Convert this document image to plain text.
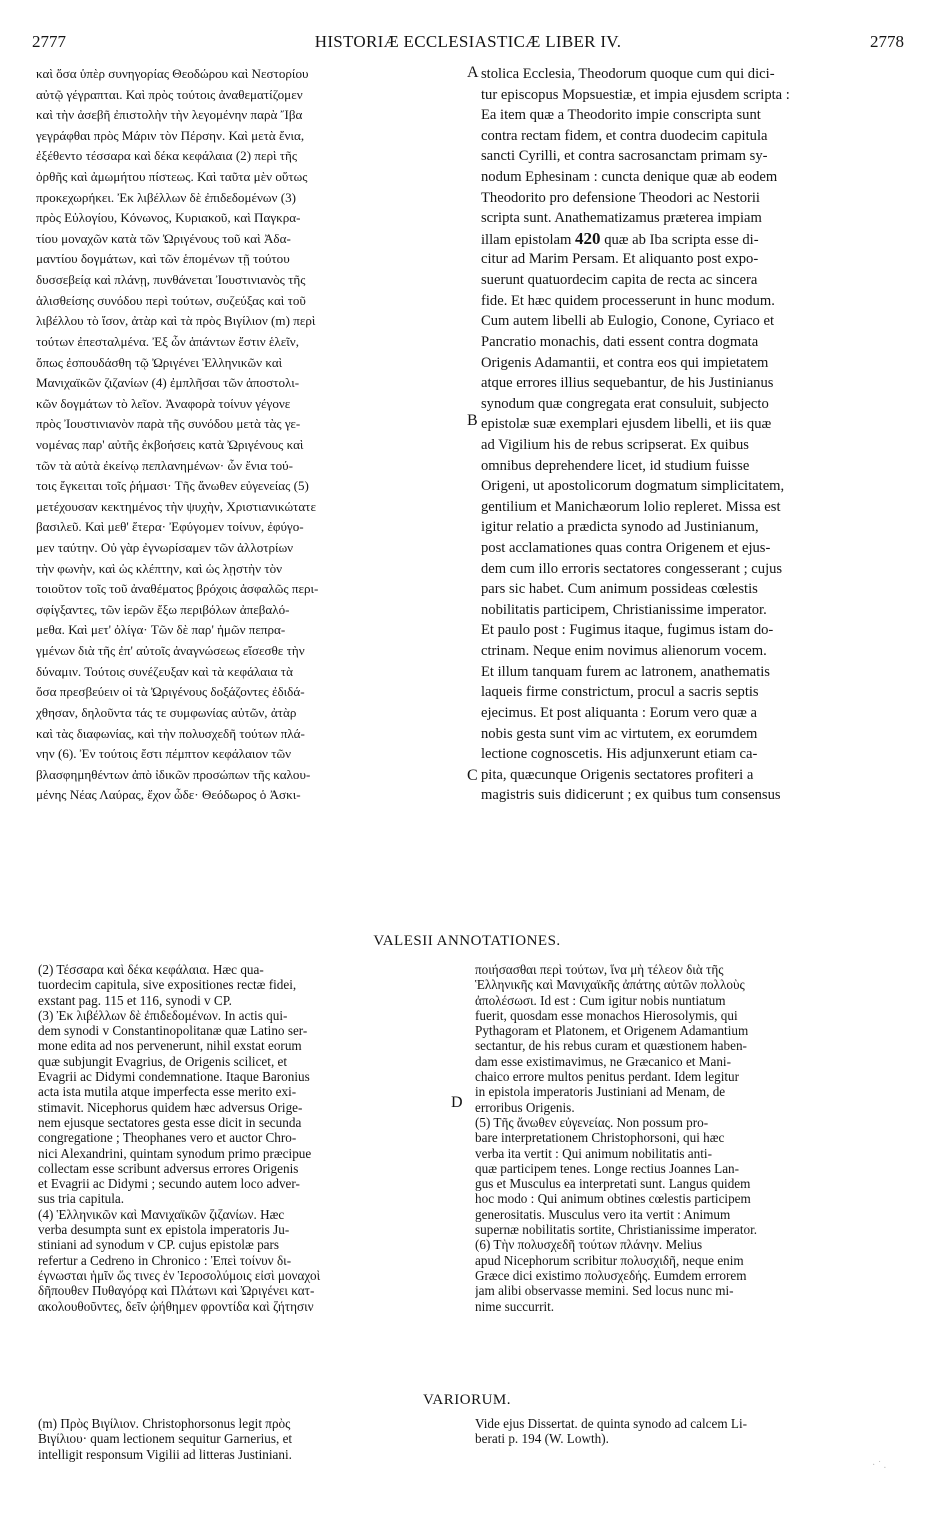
2777	HISTORIÆ ECCLESIASTICÆ LIBER IV.	2778
καὶ ὅσα ὑπὲρ συνηγορίας Θεοδώρου καὶ Νεστορίου
αὐτῷ γέγραπται. Καὶ πρὸς τούτοις ἀναθεματίζομεν
καὶ τὴν ἀσεβῆ ἐπιστολὴν τὴν λεγομένην παρὰ Ἴβα
γεγράφθαι πρὸς Μάριν τὸν Πέρσην. Καὶ μετὰ ἔνια,
ἐξέθεντο τέσσαρα καὶ δέκα κεφάλαια (2) περὶ τῆς
ὀρθῆς καὶ ἀμωμήτου πίστεως. Καὶ ταῦτα μὲν οὕτως
προκεχωρήκει. Ἐκ λιβέλλων δὲ ἐπιδεδομένων (3)
πρὸς Εὐλογίου, Κόνωνος, Κυριακοῦ, καὶ Παγκρα-
τίου μοναχῶν κατὰ τῶν Ὠριγένους τοῦ καὶ Ἀδα-
μαντίου δογμάτων, καὶ τῶν ἑπομένων τῇ τούτου
δυσσεβείᾳ καὶ πλάνῃ, πυνθάνεται Ἰουστινιανὸς τῆς
ἁλισθείσης συνόδου περὶ τούτων, συζεύξας καὶ τοῦ
λιβέλλου τὸ ἴσον, ἀτὰρ καὶ τὰ πρὸς Βιγίλιον (m) περὶ
τούτων ἐπεσταλμένα. Ἐξ ὧν ἁπάντων ἔστιν ἑλεῖν,
ὅπως ἐσπουδάσθη τῷ Ὠριγένει Ἑλληνικῶν καὶ
Μανιχαϊκῶν ζιζανίων (4) ἐμπλῆσαι τῶν ἀποστολι-
κῶν δογμάτων τὸ λεῖον. Ἀναφορὰ τοίνυν γέγονε
πρὸς Ἰουστινιανὸν παρὰ τῆς συνόδου μετὰ τὰς γε-
νομένας παρ' αὐτῆς ἐκβοήσεις κατὰ Ὠριγένους καὶ
τῶν τὰ αὐτὰ ἐκείνῳ πεπλανημένων· ὧν ἔνια τού-
τοις ἔγκειται τοῖς ῥήμασι· Τῆς ἄνωθεν εὐγενείας (5)
μετέχουσαν κεκτημένος τὴν ψυχὴν, Χριστιανικώτατε
βασιλεῦ. Καὶ μεθ' ἕτερα· Ἐφύγομεν τοίνυν, ἐφύγο-
μεν ταύτην. Οὐ γὰρ ἐγνωρίσαμεν τῶν ἀλλοτρίων
τὴν φωνὴν, καὶ ὡς κλέπτην, καὶ ὡς λῃστὴν τὸν
τοιοῦτον τοῖς τοῦ ἀναθέματος βρόχοις ἀσφαλῶς περι-
σφίγξαντες, τῶν ἱερῶν ἔξω περιβόλων ἀπεβαλό-
μεθα. Καὶ μετ' ὀλίγα· Τῶν δὲ παρ' ἡμῶν πεπρα-
γμένων διὰ τῆς ἐπ' αὐτοῖς ἀναγνώσεως εἴσεσθε τὴν
δύναμιν. Τούτοις συνέζευξαν καὶ τὰ κεφάλαια τὰ
ὅσα πρεσβεύειν οἱ τὰ Ὠριγένους δοξάζοντες ἐδιδά-
χθησαν, δηλοῦντα τάς τε συμφωνίας αὐτῶν, ἀτὰρ
καὶ τὰς διαφωνίας, καὶ τὴν πολυσχεδῆ τούτων πλά-
νην (6). Ἐν τούτοις ἔστι πέμπτον κεφάλαιον τῶν
βλασφημηθέντων ἀπὸ ἰδικῶν προσώπων τῆς καλου-
μένης Νέας Λαύρας, ἔχον ὧδε· Θεόδωρος ὁ Ἀσκι-
stolica Ecclesia, Theodorum quoque cum qui dici-
tur episcopus Mopsuestiæ, et impia ejusdem scripta :
Ea item quæ a Theodorito impie conscripta sunt
contra rectam fidem, et contra duodecim capitula
sancti Cyrilli, et contra sacrosanctam primam sy-
nodum Ephesinam : cuncta denique quæ ab eodem
Theodorito pro defensione Theodori ac Nestorii
scripta sunt. Anathematizamus præterea impiam
illam epistolam 420 quæ ab Iba scripta esse di-
citur ad Marim Persam. Et aliquanto post expo-
suerunt quatuordecim capita de recta ac sincera
fide. Et hæc quidem processerunt in hunc modum.
Cum autem libelli ab Eulogio, Conone, Cyriaco et
Pancratio monachis, dati essent contra dogmata
Origenis Adamantii, et contra eos qui impietatem
atque errores illius sequebantur, de his Justinianus
synodum quæ congregata erat consuluit, subjecto
epistolæ suæ exemplari ejusdem libelli, et iis quæ
ad Vigilium his de rebus scripserat. Ex quibus
omnibus deprehendere licet, id studium fuisse
Origeni, ut apostolicorum dogmatum simplicitatem,
gentilium et Manichæorum lolio repleret. Missa est
igitur relatio a prædicta synodo ad Justinianum,
post acclamationes quas contra Origenem et ejus-
dem cum illo erroris sectatores congesserant ; cujus
pars sic habet. Cum animum possideas cœlestis
nobilitatis participem, Christianissime imperator.
Et paulo post : Fugimus itaque, fugimus istam do-
ctrinam. Neque enim novimus alienorum vocem.
Et illum tanquam furem ac latronem, anathematis
laqueis firme constrictum, procul a sacris septis
ejecimus. Et post aliquanta : Eorum vero quæ a
nobis gesta sunt vim ac virtutem, ex eorumdem
lectione cognoscetis. His adjunxerunt etiam ca-
pita, quæcunque Origenis sectatores profiteri a
magistris suis didicerunt ; ex quibus tum consensus
A
B
C
D
VALESII ANNOTATIONES.
(2) Τέσσαρα καὶ δέκα κεφάλαια. Hæc qua-
tuordecim capitula, sive expositiones rectæ fidei,
exstant pag. 115 et 116, synodi v CP.
(3) Ἐκ λιβέλλων δὲ ἐπιδεδομένων. In actis qui-
dem synodi v Constantinopolitanæ quæ Latino ser-
mone edita ad nos pervenerunt, nihil exstat eorum
quæ subjungit Evagrius, de Origenis scilicet, et
Evagrii ac Didymi condemnatione. Itaque Baronius
acta ista mutila atque imperfecta esse merito exi-
stimavit. Nicephorus quidem hæc adversus Orige-
nem ejusque sectatores gesta esse dicit in secunda
congregatione ; Theophanes vero et auctor Chro-
nici Alexandrini, quintam synodum primo præcipue
collectam esse scribunt adversus errores Origenis
et Evagrii ac Didymi ; secundo autem loco adver-
sus tria capitula.
(4) Ἑλληνικῶν καὶ Μανιχαϊκῶν ζιζανίων. Hæc
verba desumpta sunt ex epistola imperatoris Ju-
stiniani ad synodum v CP. cujus epistolæ pars
refertur a Cedreno in Chronico : Ἐπεὶ τοίνυν δι-
έγνωσται ἡμῖν ὥς τινες ἐν Ἱεροσολύμοις εἰσὶ μοναχοὶ
δῆπουθεν Πυθαγόρᾳ καὶ Πλάτωνι καὶ Ὠριγένει κατ-
ακολουθοῦντες, δεῖν ᾠήθημεν φροντίδα καὶ ζήτησιν
ποιήσασθαι περὶ τούτων, ἵνα μὴ τέλεον διὰ τῆς
Ἑλληνικῆς καὶ Μανιχαϊκῆς ἀπάτης αὐτῶν πολλοὺς
ἀπολέσωσι. Id est : Cum igitur nobis nuntiatum
fuerit, quosdam esse monachos Hierosolymis, qui
Pythagoram et Platonem, et Origenem Adamantium
sectantur, de his rebus curam et quæstionem haben-
dam esse existimavimus, ne Græcanico et Mani-
chaico errore multos penitus perdant. Idem legitur
in epistola imperatoris Justiniani ad Menam, de
erroribus Origenis.
(5) Τῆς ἄνωθεν εὐγενείας. Non possum pro-
bare interpretationem Christophorsoni, qui hæc
verba ita vertit : Qui animum nobilitatis anti-
quæ participem tenes. Longe rectius Joannes Lan-
gus et Musculus ea interpretati sunt. Langus quidem
hoc modo : Qui animum obtines cœlestis participem
generositatis. Musculus vero ita vertit : Animum
supernæ nobilitatis sortite, Christianissime imperator.
(6) Τὴν πολυσχεδῆ τούτων πλάνην. Melius
apud Nicephorum scribitur πολυσχιδῆ, neque enim
Græce dici existimo πολυσχεδής. Eumdem errorem
jam alibi observasse memini. Sed locus nunc mi-
nime succurrit.
VARIORUM.
(m) Πρὸς Βιγίλιον. Christophorsonus legit πρὸς
Βιγίλιου· quam lectionem sequitur Garnerius, et
intelligit responsum Vigilii ad litteras Justiniani.
Vide ejus Dissertat. de quinta synodo ad calcem Li-
berati p. 194 (W. Lowth).
· ˙ .
